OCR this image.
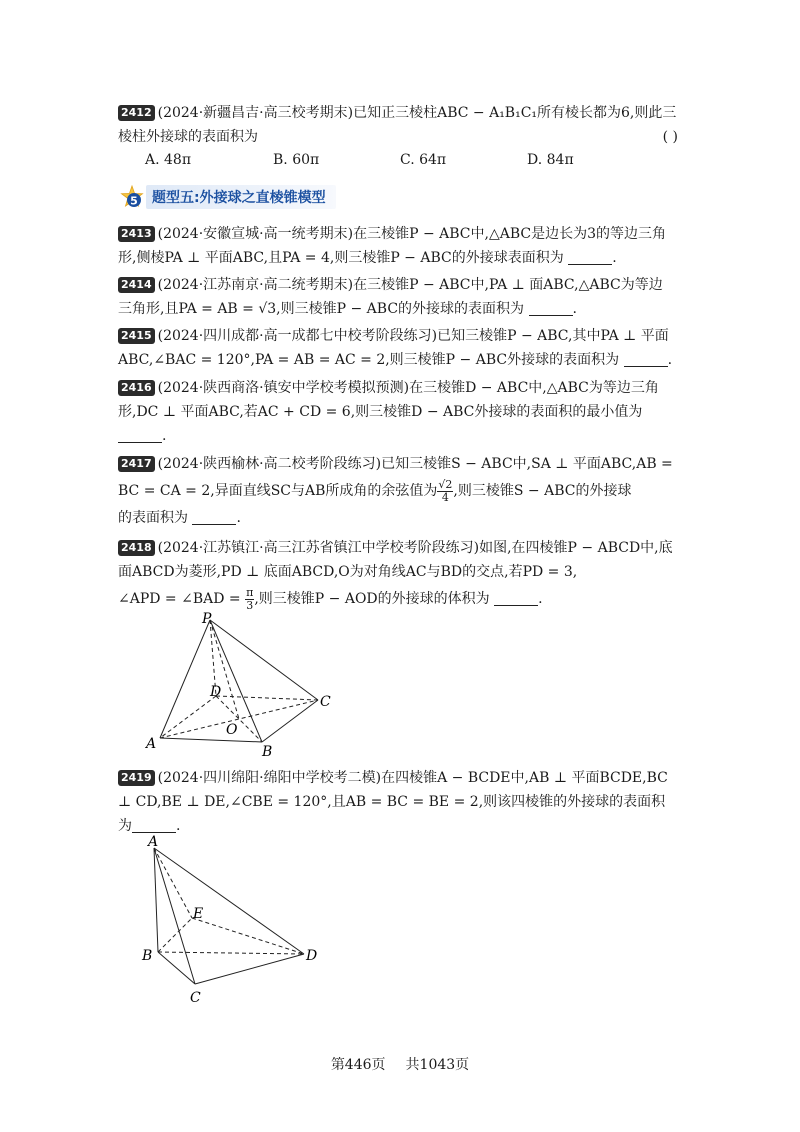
2412 (2024·新疆昌吉·高三校考期末)已知正三棱柱ABC − A₁B₁C₁所有棱长都为6,则此三
棱柱外接球的表面积为	( )
A. 48π	B. 60π	C. 64π	D. 84π
5	题型五:外接球之直棱锥模型
2413 (2024·安徽宣城·高一统考期末)在三棱锥P − ABC中,△ABC是边长为3的等边三角
形,侧棱PA ⊥ 平面ABC,且PA = 4,则三棱锥P − ABC的外接球表面积为	.
2414 (2024·江苏南京·高二统考期末)在三棱锥P − ABC中,PA ⊥ 面ABC,△ABC为等边
三角形,且PA = AB = √3,则三棱锥P − ABC的外接球的表面积为	.
2415 (2024·四川成都·高一成都七中校考阶段练习)已知三棱锥P − ABC,其中PA ⊥ 平面
ABC,∠BAC = 120°,PA = AB = AC = 2,则三棱锥P − ABC外接球的表面积为	.
2416 (2024·陕西商洛·镇安中学校考模拟预测)在三棱锥D − ABC中,△ABC为等边三角
形,DC ⊥ 平面ABC,若AC + CD = 6,则三棱锥D − ABC外接球的表面积的最小值为
.
2417 (2024·陕西榆林·高二校考阶段练习)已知三棱锥S − ABC中,SA ⊥ 平面ABC,AB =
BC = CA = 2,异面直线SC与AB所成角的余弦值为 $\frac{√2}{4}$ ,则三棱锥S − ABC的外接球
的表面积为	.
2418 (2024·江苏镇江·高三江苏省镇江中学校考阶段练习)如图,在四棱锥P − ABCD中,底
面ABCD为菱形,PD ⊥ 底面ABCD,O为对角线AC与BD的交点,若PD = 3,
∠APD = ∠BAD = $\frac{\pi}{3}$ ,则三棱锥P − AOD的外接球的体积为	.
P
D
C
O
A	B
2419 (2024·四川绵阳·绵阳中学校考二模)在四棱锥A − BCDE中,AB ⊥ 平面BCDE,BC
⊥ CD,BE ⊥ DE,∠CBE = 120°,且AB = BC = BE = 2,则该四棱锥的外接球的表面积
为	.
A
E
B	D
C
第446页 共1043页
